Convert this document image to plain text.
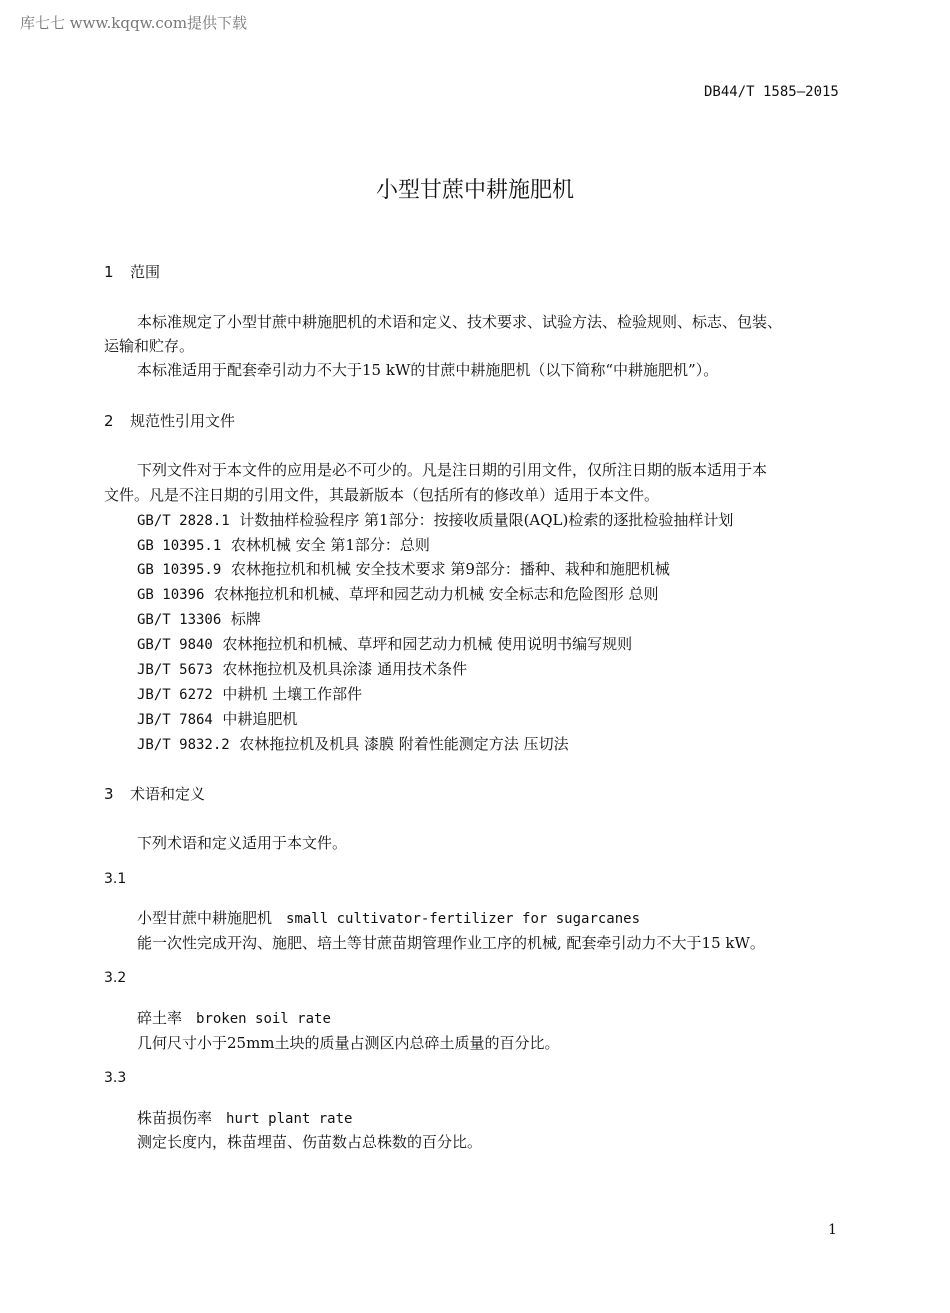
库七七 www.kqqw.com提供下载
DB44/T 1585—2015
小型甘蔗中耕施肥机
1 范围
本标准规定了小型甘蔗中耕施肥机的术语和定义、技术要求、试验方法、检验规则、标志、包装、
运输和贮存。
本标准适用于配套牵引动力不大于15 kW的甘蔗中耕施肥机（以下简称“中耕施肥机”）。
2 规范性引用文件
下列文件对于本文件的应用是必不可少的。凡是注日期的引用文件，仅所注日期的版本适用于本
文件。凡是不注日期的引用文件，其最新版本（包括所有的修改单）适用于本文件。
GB/T 2828.1 计数抽样检验程序 第1部分：按接收质量限(AQL)检索的逐批检验抽样计划
GB 10395.1 农林机械 安全 第1部分：总则
GB 10395.9 农林拖拉机和机械 安全技术要求 第9部分：播种、栽种和施肥机械
GB 10396 农林拖拉机和机械、草坪和园艺动力机械 安全标志和危险图形 总则
GB/T 13306 标牌
GB/T 9840 农林拖拉机和机械、草坪和园艺动力机械 使用说明书编写规则
JB/T 5673 农林拖拉机及机具涂漆 通用技术条件
JB/T 6272 中耕机 土壤工作部件
JB/T 7864 中耕追肥机
JB/T 9832.2 农林拖拉机及机具 漆膜 附着性能测定方法 压切法
3 术语和定义
下列术语和定义适用于本文件。
3.1
小型甘蔗中耕施肥机 small cultivator-fertilizer for sugarcanes
能一次性完成开沟、施肥、培土等甘蔗苗期管理作业工序的机械, 配套牵引动力不大于15 kW。
3.2
碎土率 broken soil rate
几何尺寸小于25mm土块的质量占测区内总碎土质量的百分比。
3.3
株苗损伤率 hurt plant rate
测定长度内，株苗埋苗、伤苗数占总株数的百分比。
1
